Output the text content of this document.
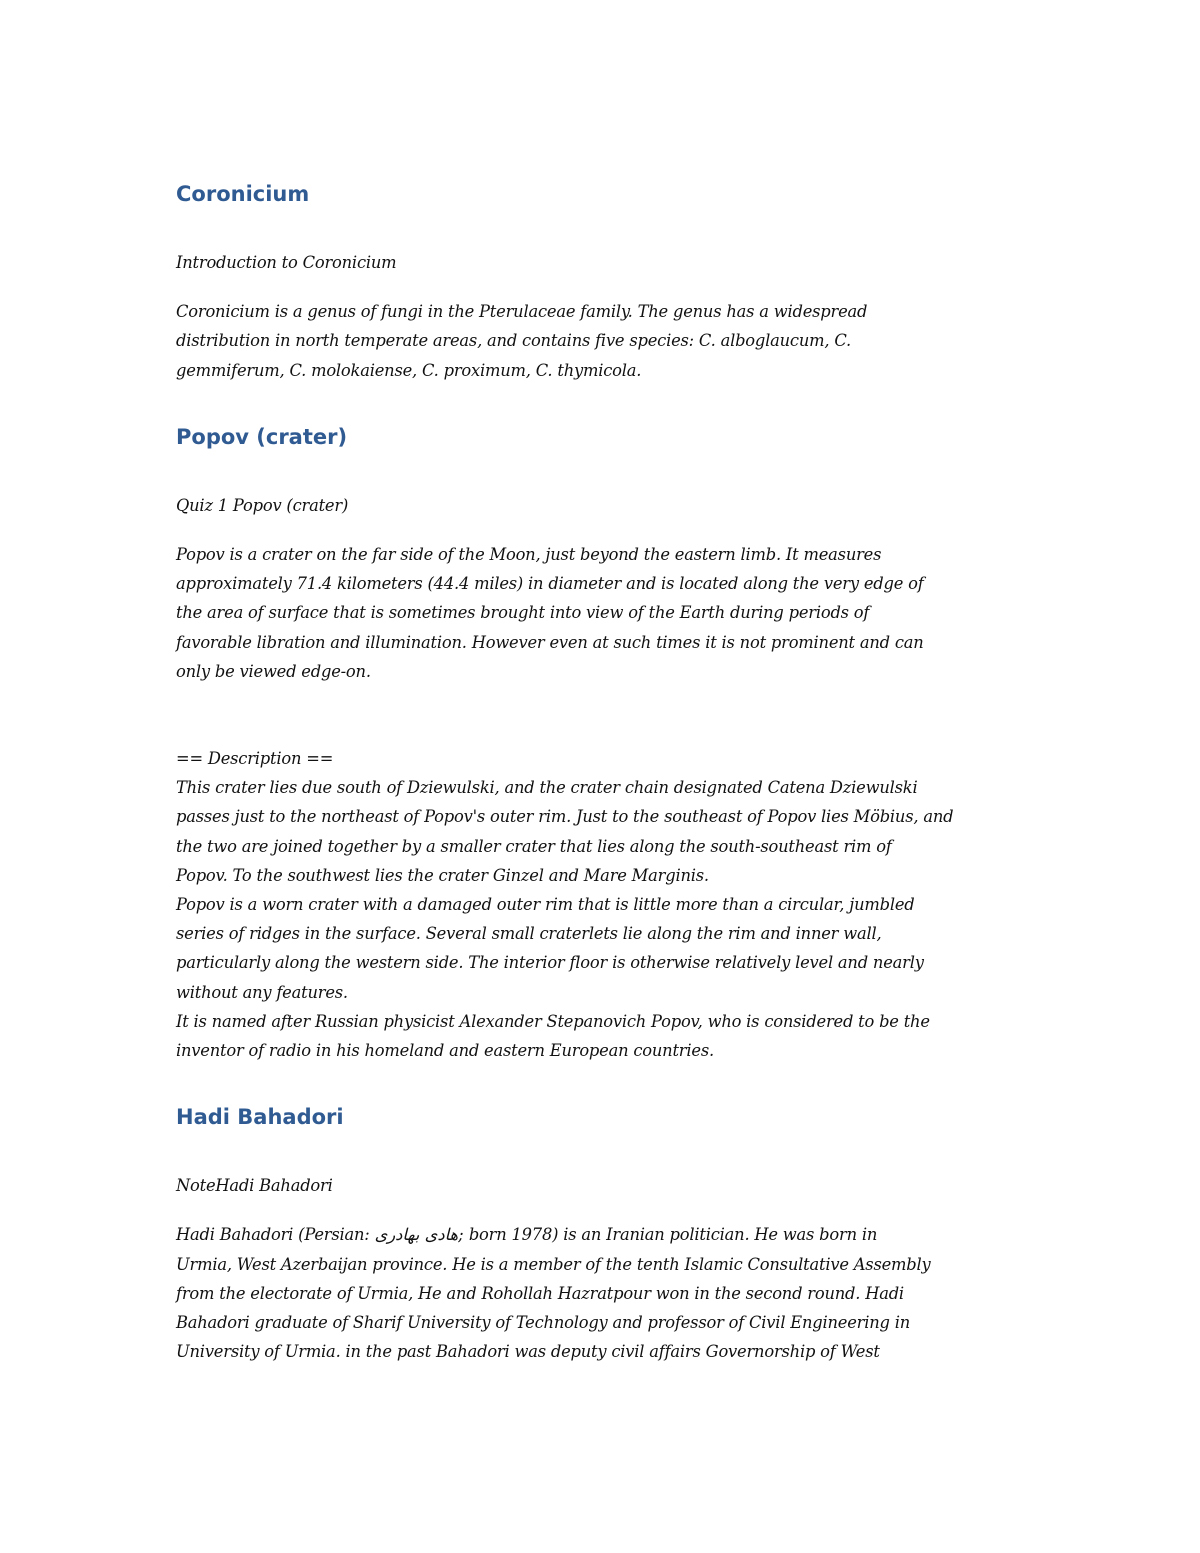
Coronicium

Introduction to Coronicium

Coronicium is a genus of fungi in the Pterulaceae family. The genus has a widespread
distribution in north temperate areas, and contains five species: C. alboglaucum, C.
gemmiferum, C. molokaiense, C. proximum, C. thymicola.

Popov (crater)

Quiz 1 Popov (crater)

Popov is a crater on the far side of the Moon, just beyond the eastern limb. It measures
approximately 71.4 kilometers (44.4 miles) in diameter and is located along the very edge of
the area of surface that is sometimes brought into view of the Earth during periods of
favorable libration and illumination. However even at such times it is not prominent and can
only be viewed edge-on.

== Description ==
This crater lies due south of Dziewulski, and the crater chain designated Catena Dziewulski
passes just to the northeast of Popov's outer rim. Just to the southeast of Popov lies Möbius, and
the two are joined together by a smaller crater that lies along the south-southeast rim of
Popov. To the southwest lies the crater Ginzel and Mare Marginis.
Popov is a worn crater with a damaged outer rim that is little more than a circular, jumbled
series of ridges in the surface. Several small craterlets lie along the rim and inner wall,
particularly along the western side. The interior floor is otherwise relatively level and nearly
without any features.
It is named after Russian physicist Alexander Stepanovich Popov, who is considered to be the
inventor of radio in his homeland and eastern European countries.

Hadi Bahadori

NoteHadi Bahadori

Hadi Bahadori (Persian: هادی بهادری; born 1978) is an Iranian politician. He was born in
Urmia, West Azerbaijan province. He is a member of the tenth Islamic Consultative Assembly
from the electorate of Urmia, He and Rohollah Hazratpour won in the second round. Hadi
Bahadori graduate of Sharif University of Technology and professor of Civil Engineering in
University of Urmia. in the past Bahadori was deputy civil affairs Governorship of West
